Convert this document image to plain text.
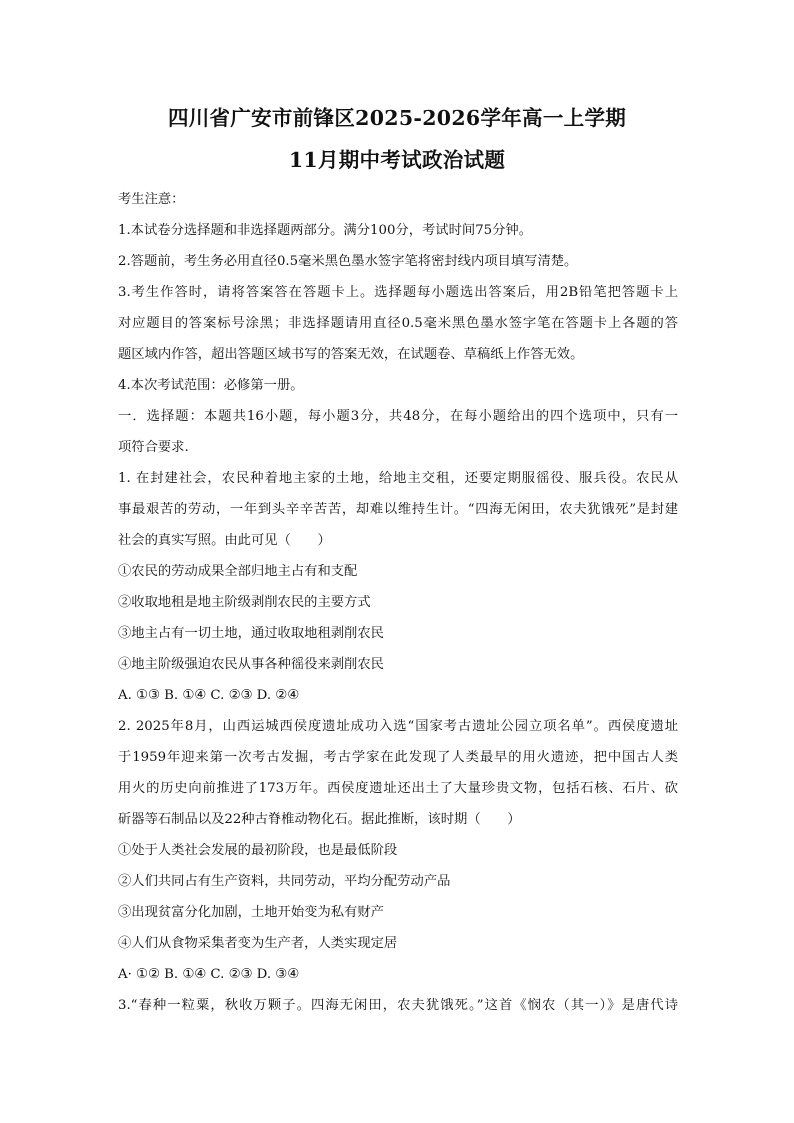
四川省广安市前锋区2025-2026学年高一上学期
11月期中考试政治试题
考生注意：
1.本试卷分选择题和非选择题两部分。满分100分，考试时间75分钟。
2.答题前，考生务必用直径0.5毫米黑色墨水签字笔将密封线内项目填写清楚。
3.考生作答时，请将答案答在答题卡上。选择题每小题选出答案后，用2B铅笔把答题卡上
对应题目的答案标号涂黑；非选择题请用直径0.5毫米黑色墨水签字笔在答题卡上各题的答
题区域内作答，超出答题区域书写的答案无效，在试题卷、草稿纸上作答无效。
4.本次考试范围：必修第一册。
一．选择题：本题共16小题，每小题3分，共48分，在每小题给出的四个选项中，只有一
项符合要求.
1. 在封建社会，农民种着地主家的土地，给地主交租，还要定期服徭役、服兵役。农民从
事最艰苦的劳动，一年到头辛辛苦苦，却难以维持生计。“四海无闲田，农夫犹饿死”是封建
社会的真实写照。由此可见（　　）
①农民的劳动成果全部归地主占有和支配
②收取地租是地主阶级剥削农民的主要方式
③地主占有一切土地，通过收取地租剥削农民
④地主阶级强迫农民从事各种徭役来剥削农民
A. ①③ B. ①④ C. ②③ D. ②④
2. 2025年8月，山西运城西侯度遗址成功入选“国家考古遗址公园立项名单”。西侯度遗址
于1959年迎来第一次考古发掘，考古学家在此发现了人类最早的用火遗迹，把中国古人类
用火的历史向前推进了173万年。西侯度遗址还出土了大量珍贵文物，包括石核、石片、砍
斫器等石制品以及22种古脊椎动物化石。据此推断，该时期（　　）
①处于人类社会发展的最初阶段，也是最低阶段
②人们共同占有生产资料，共同劳动，平均分配劳动产品
③出现贫富分化加剧，土地开始变为私有财产
④人们从食物采集者变为生产者，人类实现定居
A· ①② B. ①④ C. ②③ D. ③④
3.“春种一粒粟，秋收万颗子。四海无闲田，农夫犹饿死。”这首《悯农（其一）》是唐代诗
